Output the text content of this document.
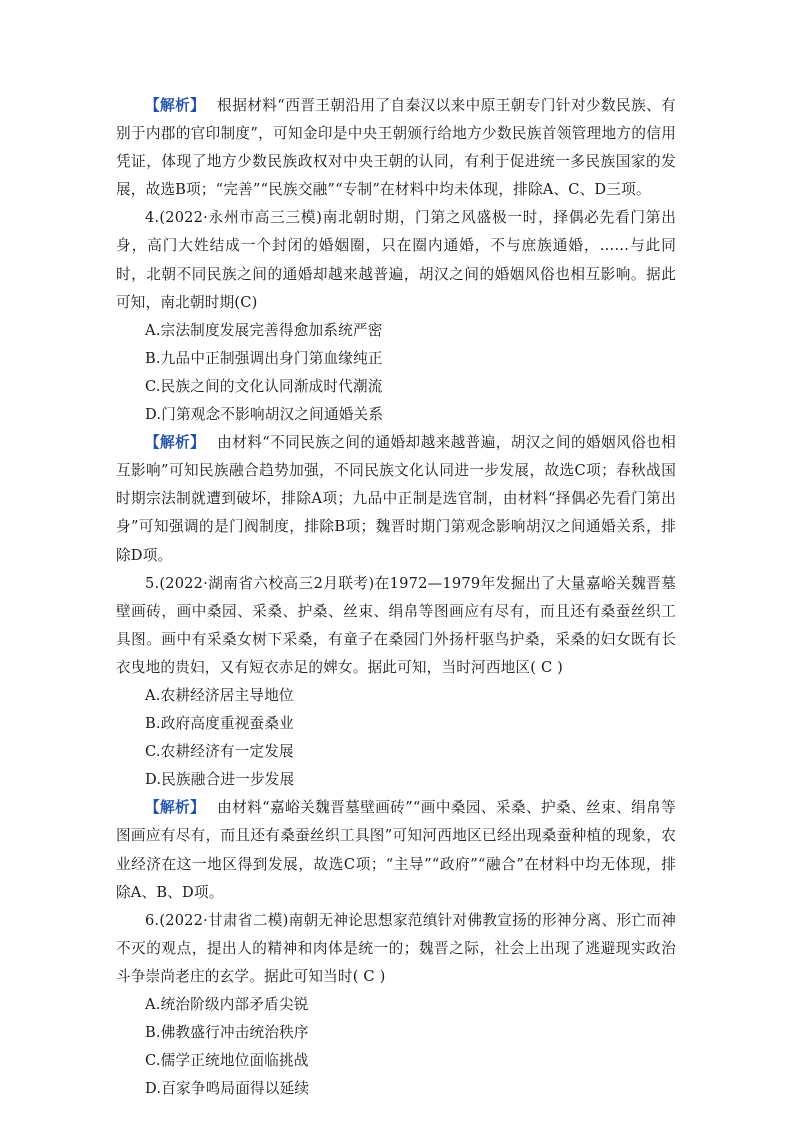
【解析】 根据材料“西晋王朝沿用了自秦汉以来中原王朝专门针对少数民族、有别于内郡的官印制度”，可知金印是中央王朝颁行给地方少数民族首领管理地方的信用凭证，体现了地方少数民族政权对中央王朝的认同，有利于促进统一多民族国家的发展，故选B项；“完善”“民族交融”“专制”在材料中均未体现，排除A、C、D三项。

4.(2022·永州市高三三模)南北朝时期，门第之风盛极一时，择偶必先看门第出身，高门大姓结成一个封闭的婚姻圈，只在圈内通婚，不与庶族通婚，……与此同时，北朝不同民族之间的通婚却越来越普遍，胡汉之间的婚姻风俗也相互影响。据此可知，南北朝时期(C)

A.宗法制度发展完善得愈加系统严密

B.九品中正制强调出身门第血缘纯正

C.民族之间的文化认同渐成时代潮流

D.门第观念不影响胡汉之间通婚关系

【解析】 由材料“不同民族之间的通婚却越来越普遍，胡汉之间的婚姻风俗也相互影响”可知民族融合趋势加强，不同民族文化认同进一步发展，故选C项；春秋战国时期宗法制就遭到破坏，排除A项；九品中正制是选官制，由材料“择偶必先看门第出身”可知强调的是门阀制度，排除B项；魏晋时期门第观念影响胡汉之间通婚关系，排除D项。

5.(2022·湖南省六校高三2月联考)在1972—1979年发掘出了大量嘉峪关魏晋墓壁画砖，画中桑园、采桑、护桑、丝束、绢帛等图画应有尽有，而且还有桑蚕丝织工具图。画中有采桑女树下采桑，有童子在桑园门外扬杆驱鸟护桑，采桑的妇女既有长衣曳地的贵妇，又有短衣赤足的婢女。据此可知，当时河西地区( C )

A.农耕经济居主导地位

B.政府高度重视蚕桑业

C.农耕经济有一定发展

D.民族融合进一步发展

【解析】 由材料“嘉峪关魏晋墓壁画砖”“画中桑园、采桑、护桑、丝束、绢帛等图画应有尽有，而且还有桑蚕丝织工具图”可知河西地区已经出现桑蚕种植的现象，农业经济在这一地区得到发展，故选C项；“主导”“政府”“融合”在材料中均无体现，排除A、B、D项。

6.(2022·甘肃省二模)南朝无神论思想家范缜针对佛教宣扬的形神分离、形亡而神不灭的观点，提出人的精神和肉体是统一的；魏晋之际，社会上出现了逃避现实政治斗争崇尚老庄的玄学。据此可知当时( C )

A.统治阶级内部矛盾尖锐

B.佛教盛行冲击统治秩序

C.儒学正统地位面临挑战

D.百家争鸣局面得以延续
